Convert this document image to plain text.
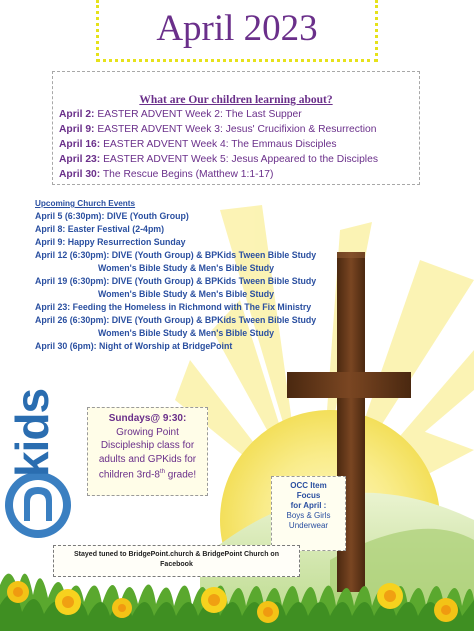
kids
April 2023
What are Our children learning about?
April 2: EASTER ADVENT Week 2: The Last Supper
April 9: EASTER ADVENT Week 3: Jesus' Crucifixion & Resurrection
April 16: EASTER ADVENT Week 4: The Emmaus Disciples
April 23: EASTER ADVENT Week 5: Jesus Appeared to the Disciples
April 30: The Rescue Begins (Matthew 1:1-17)
Upcoming Church Events
April 5 (6:30pm): DIVE (Youth Group)
April 8: Easter Festival (2-4pm)
April 9: Happy Resurrection Sunday
April 12 (6:30pm): DIVE (Youth Group) & BPKids Tween Bible Study
Women's Bible Study & Men's Bible Study
April 19 (6:30pm): DIVE (Youth Group) & BPKids Tween Bible Study
Women's Bible Study & Men's Bible Study
April 23: Feeding the Homeless in Richmond with The Fix Ministry
April 26 (6:30pm): DIVE (Youth Group) & BPKids Tween Bible Study
Women's Bible Study & Men's Bible Study
April 30 (6pm): Night of Worship at BridgePoint
Sundays@ 9:30:
Growing Point
Discipleship class for
adults and GPKids for
children 3rd-8th grade!
OCC Item
Focus
for April :
Boys & Girls
Underwear
Stayed tuned to BridgePoint.church & BridgePoint Church on
Facebook
